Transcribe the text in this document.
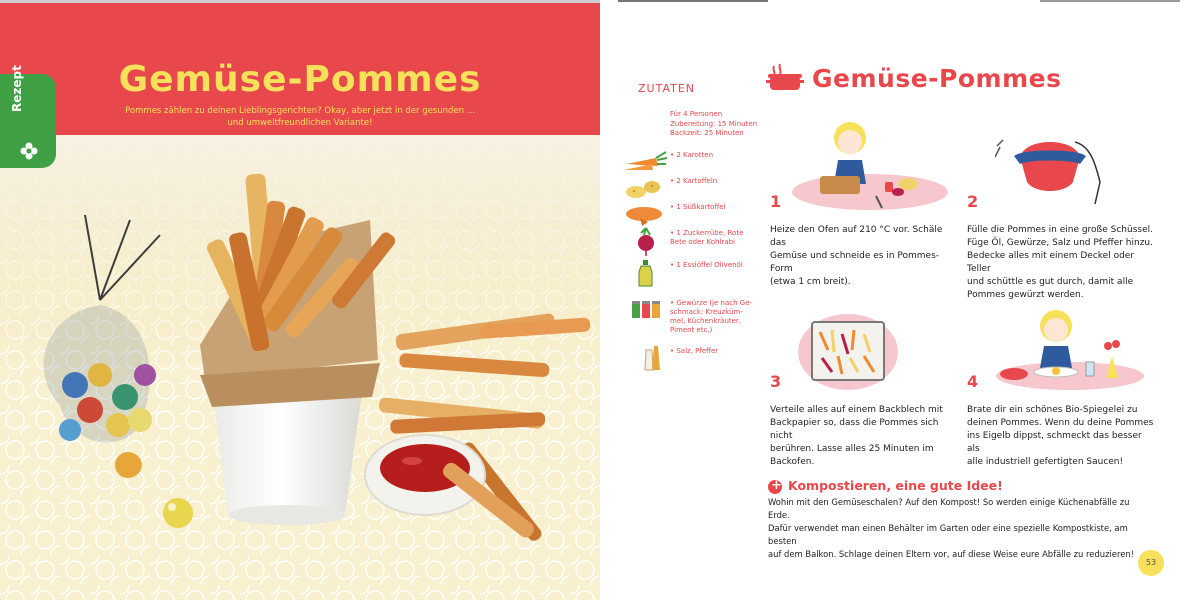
Gemüse-Pommes
Pommes zählen zu deinen Lieblingsgerichten? Okay, aber jetzt in der gesunden ...
und umweltfreundlichen Variante!
Rezept	ZUTATEN
Für 4 Personen
Zubereitung: 15 Minuten
Backzeit: 25 Minuten
• 2 Karotten
• 2 Kartoffeln
• 1 Süßkartoffel
• 1 Zuckerrübe, Rote
Bete oder Kohlrabi
• 1 Esslöffel Olivenöl
• Gewürze (je nach Ge-
schmack: Kreuzküm-
mel, Küchenkräuter,
Piment etc.)
• Salz, Pfeffer
Gemüse-Pommes
1
Heize den Ofen auf 210 °C vor. Schäle das
Gemüse und schneide es in Pommes-Form
(etwa 1 cm breit).
2
Fülle die Pommes in eine große Schüssel.
Füge Öl, Gewürze, Salz und Pfeffer hinzu.
Bedecke alles mit einem Deckel oder Teller
und schüttle es gut durch, damit alle
Pommes gewürzt werden.
3
Verteile alles auf einem Backblech mit
Backpapier so, dass die Pommes sich nicht
berühren. Lasse alles 25 Minuten im
Backofen.
4
Brate dir ein schönes Bio-Spiegelei zu
deinen Pommes. Wenn du deine Pommes
ins Eigelb dippst, schmeckt das besser als
alle industriell gefertigten Saucen!
+
Kompostieren, eine gute Idee!
Wohin mit den Gemüseschalen? Auf den Kompost! So werden einige Küchenabfälle zu Erde.
Dafür verwendet man einen Behälter im Garten oder eine spezielle Kompostkiste, am besten
auf dem Balkon. Schlage deinen Eltern vor, auf diese Weise eure Abfälle zu reduzieren!
53
